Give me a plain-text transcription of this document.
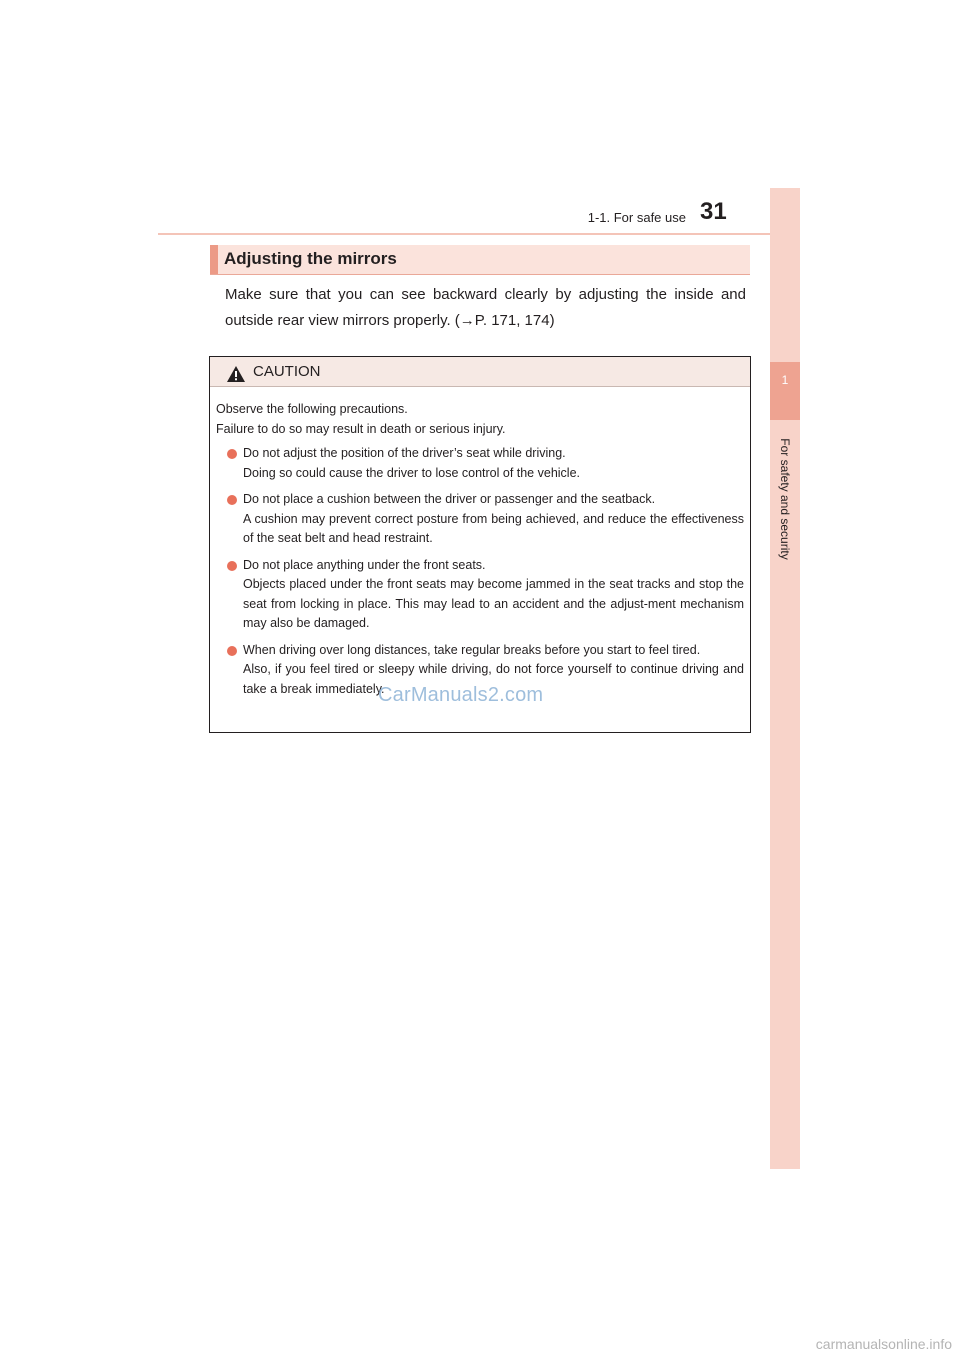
1-1. For safe use 31
1
For safety and security
Adjusting the mirrors
Make sure that you can see backward clearly by adjusting the inside and outside rear view mirrors properly. (→P. 171, 174)
CAUTION
Observe the following precautions.
Failure to do so may result in death or serious injury.
Do not adjust the position of the driver’s seat while driving.
Doing so could cause the driver to lose control of the vehicle.
Do not place a cushion between the driver or passenger and the seatback.
A cushion may prevent correct posture from being achieved, and reduce the effectiveness of the seat belt and head restraint.
Do not place anything under the front seats.
Objects placed under the front seats may become jammed in the seat tracks and stop the seat from locking in place. This may lead to an accident and the adjust-ment mechanism may also be damaged.
When driving over long distances, take regular breaks before you start to feel tired.
Also, if you feel tired or sleepy while driving, do not force yourself to continue driving and take a break immediately.
CarManuals2.com
carmanualsonline.info
